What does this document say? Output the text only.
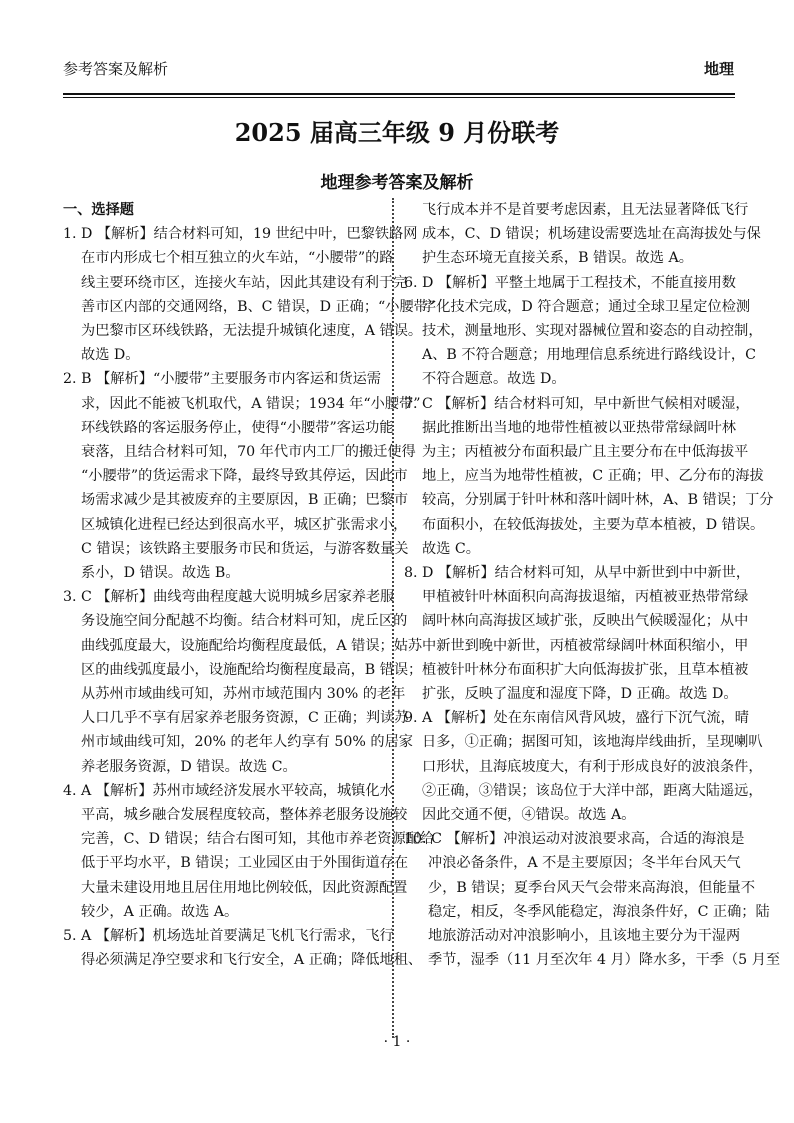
参考答案及解析	地理
2025 届高三年级 9 月份联考
地理参考答案及解析
一、选择题
1. D 【解析】结合材料可知，19 世纪中叶，巴黎铁路网
在市内形成七个相互独立的火车站，“小腰带”的路
线主要环绕市区，连接火车站，因此其建设有利于完
善市区内部的交通网络，B、C 错误，D 正确；“小腰带”
为巴黎市区环线铁路，无法提升城镇化速度，A 错误。
故选 D。
2. B 【解析】“小腰带”主要服务市内客运和货运需
求，因此不能被飞机取代，A 错误；1934 年“小腰带”
环线铁路的客运服务停止，使得“小腰带”客运功能
衰落，且结合材料可知，70 年代市内工厂的搬迁使得
“小腰带”的货运需求下降，最终导致其停运，因此市
场需求减少是其被废弃的主要原因，B 正确；巴黎市
区城镇化进程已经达到很高水平，城区扩张需求小，
C 错误；该铁路主要服务市民和货运，与游客数量关
系小，D 错误。故选 B。
3. C 【解析】曲线弯曲程度越大说明城乡居家养老服
务设施空间分配越不均衡。结合材料可知，虎丘区的
曲线弧度最大，设施配给均衡程度最低，A 错误；姑苏
区的曲线弧度最小，设施配给均衡程度最高，B 错误；
从苏州市域曲线可知，苏州市域范围内 30% 的老年
人口几乎不享有居家养老服务资源，C 正确；判读苏
州市域曲线可知，20% 的老年人约享有 50% 的居家
养老服务资源，D 错误。故选 C。
4. A 【解析】苏州市域经济发展水平较高，城镇化水
平高，城乡融合发展程度较高，整体养老服务设施较
完善，C、D 错误；结合右图可知，其他市养老资源配给
低于平均水平，B 错误；工业园区由于外围街道存在
大量未建设用地且居住用地比例较低，因此资源配置
较少，A 正确。故选 A。
5. A 【解析】机场选址首要满足飞机飞行需求，飞行
得必须满足净空要求和飞行安全，A 正确；降低地租、
飞行成本并不是首要考虑因素，且无法显著降低飞行
成本，C、D 错误；机场建设需要选址在高海拔处与保
护生态环境无直接关系，B 错误。故选 A。
6. D 【解析】平整土地属于工程技术，不能直接用数
字化技术完成，D 符合题意；通过全球卫星定位检测
技术，测量地形、实现对器械位置和姿态的自动控制，
A、B 不符合题意；用地理信息系统进行路线设计，C
不符合题意。故选 D。
7. C 【解析】结合材料可知，早中新世气候相对暖湿，
据此推断出当地的地带性植被以亚热带常绿阔叶林
为主；丙植被分布面积最广且主要分布在中低海拔平
地上，应当为地带性植被，C 正确；甲、乙分布的海拔
较高，分别属于针叶林和落叶阔叶林，A、B 错误；丁分
布面积小，在较低海拔处，主要为草本植被，D 错误。
故选 C。
8. D 【解析】结合材料可知，从早中新世到中中新世，
甲植被针叶林面积向高海拔退缩，丙植被亚热带常绿
阔叶林向高海拔区域扩张，反映出气候暖湿化；从中
中新世到晚中新世，丙植被常绿阔叶林面积缩小，甲
植被针叶林分布面积扩大向低海拔扩张，且草本植被
扩张，反映了温度和湿度下降，D 正确。故选 D。
9. A 【解析】处在东南信风背风坡，盛行下沉气流，晴
日多，①正确；据图可知，该地海岸线曲折，呈现喇叭
口形状，且海底坡度大，有利于形成良好的波浪条件，
②正确，③错误；该岛位于大洋中部，距离大陆遥远，
因此交通不便，④错误。故选 A。
10. C 【解析】冲浪运动对波浪要求高，合适的海浪是
冲浪必备条件，A 不是主要原因；冬半年台风天气
少，B 错误；夏季台风天气会带来高海浪，但能量不
稳定，相反，冬季风能稳定，海浪条件好，C 正确；陆
地旅游活动对冲浪影响小，且该地主要分为干湿两
季节，湿季（11 月至次年 4 月）降水多，干季（5 月至
· 1 ·
